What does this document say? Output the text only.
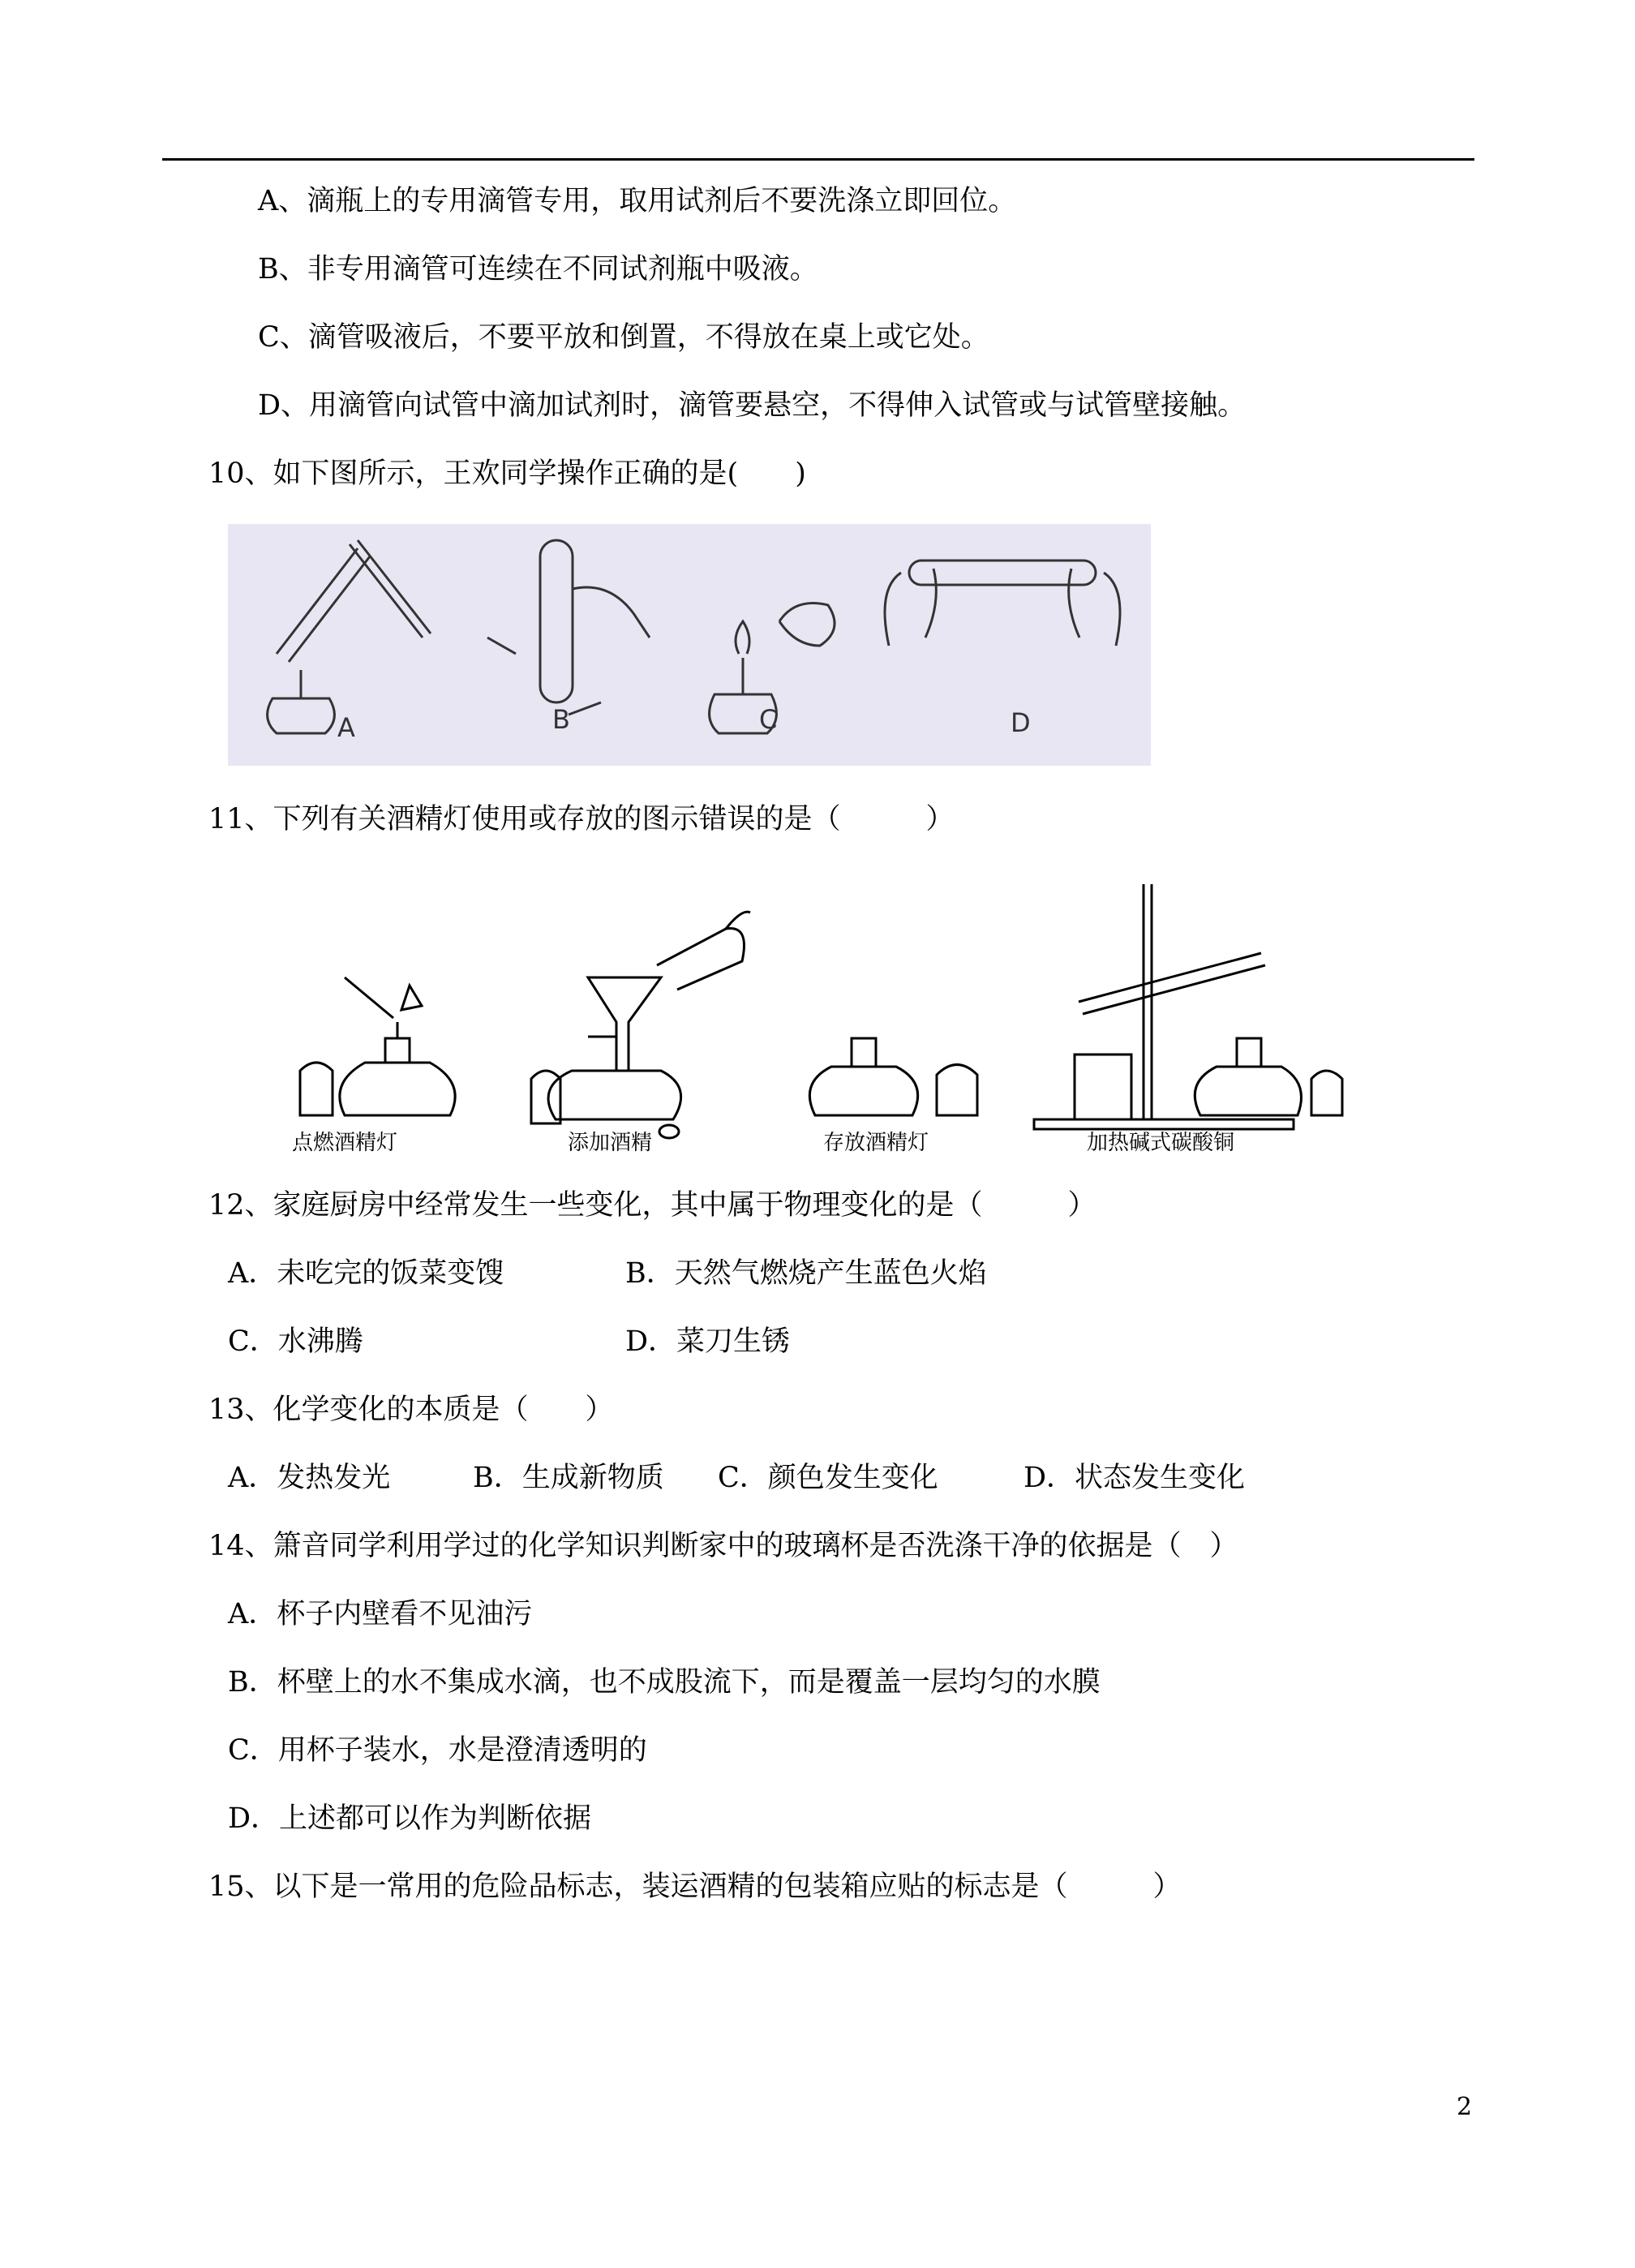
A、滴瓶上的专用滴管专用，取用试剂后不要洗涤立即回位。
B、非专用滴管可连续在不同试剂瓶中吸液。
C、滴管吸液后，不要平放和倒置，不得放在桌上或它处。
D、用滴管向试管中滴加试剂时，滴管要悬空，不得伸入试管或与试管壁接触。
10、如下图所示，王欢同学操作正确的是(　　)
A	B	C	D
11、下列有关酒精灯使用或存放的图示错误的是（　　　）
点燃酒精灯	添加酒精	存放酒精灯	加热碱式碳酸铜
12、家庭厨房中经常发生一些变化，其中属于物理变化的是（　　　）
A．未吃完的饭菜变馊	B．天然气燃烧产生蓝色火焰
C．水沸腾	D．菜刀生锈
13、化学变化的本质是（　　）
A．发热发光	B．生成新物质 C．颜色发生变化	D．状态发生变化
14、箫音同学利用学过的化学知识判断家中的玻璃杯是否洗涤干净的依据是（　）
A．杯子内壁看不见油污
B．杯壁上的水不集成水滴，也不成股流下，而是覆盖一层均匀的水膜
C．用杯子装水，水是澄清透明的
D．上述都可以作为判断依据
15、以下是一常用的危险品标志，装运酒精的包装箱应贴的标志是（　　　）
2
